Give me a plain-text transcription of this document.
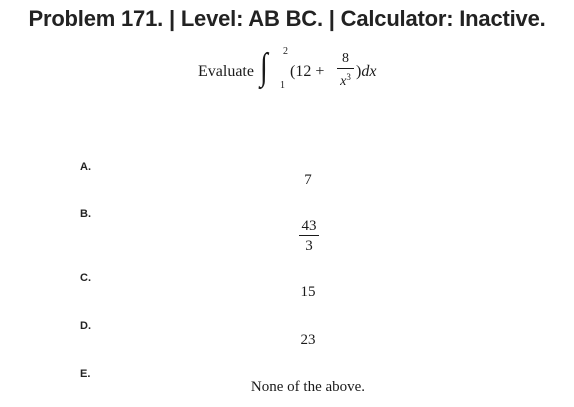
Problem 171. | Level: AB BC. | Calculator: Inactive.
Evaluate ∫ 2
1
(12 +
8
$x^3$ )dx
A.
7
B.
43
3
C.
15
D.
23
E.
None of the above.
